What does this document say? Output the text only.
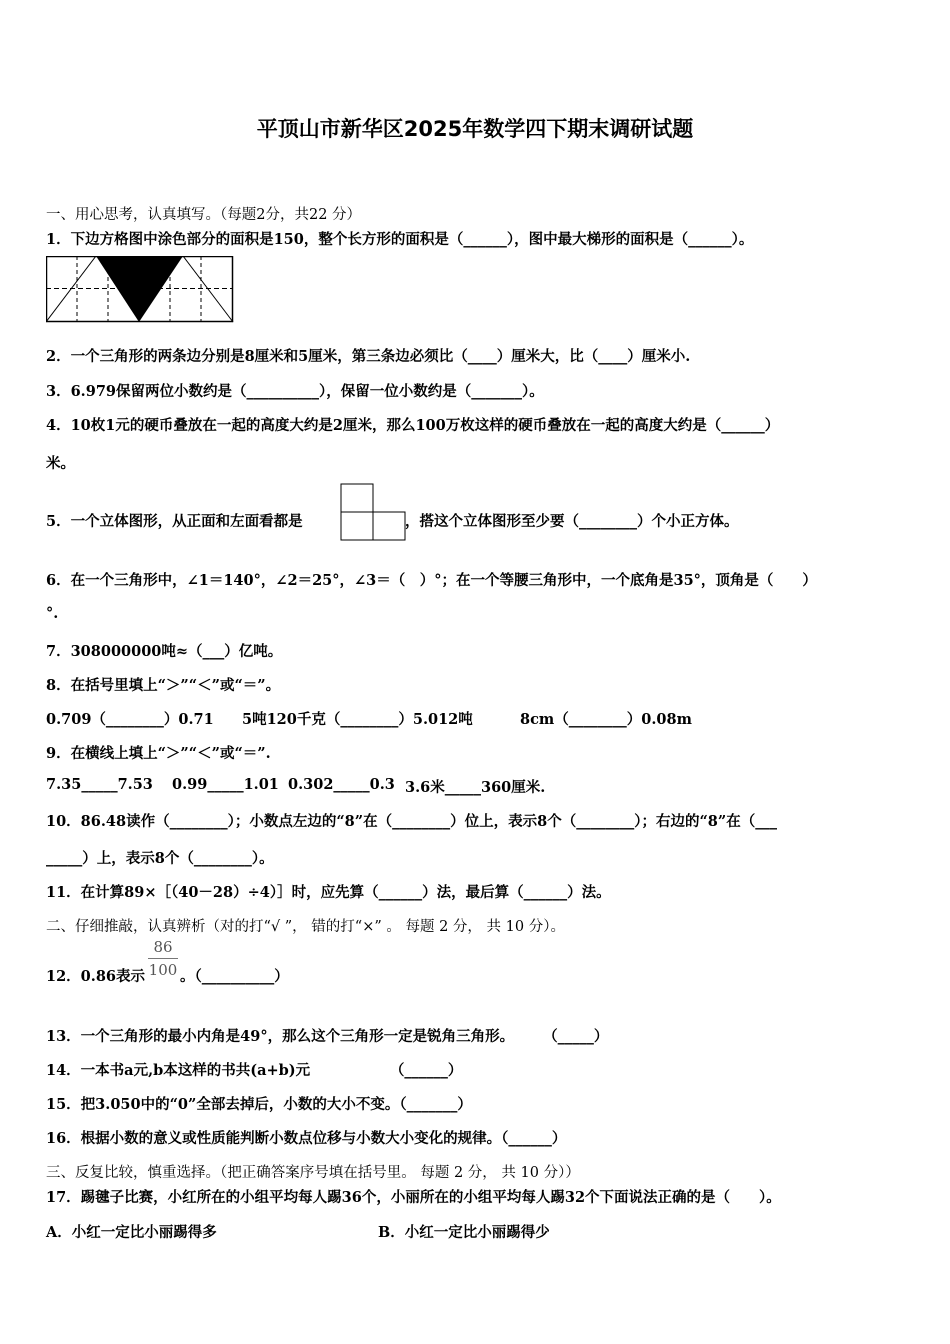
平顶山市新华区2025年数学四下期末调研试题
一、用心思考，认真填写。（每题2分，共22 分）
1．下边方格图中涂色部分的面积是150，整个长方形的面积是（______），图中最大梯形的面积是（______）。
2．一个三角形的两条边分别是8厘米和5厘米，第三条边必须比（____）厘米大，比（____）厘米小.
3．6.979保留两位小数约是（__________），保留一位小数约是（_______）。
4．10枚1元的硬币叠放在一起的高度大约是2厘米，那么100万枚这样的硬币叠放在一起的高度大约是（______）
米。
5．一个立体图形，从正面和左面看都是	，搭这个立体图形至少要（________）个小正方体。
6．在一个三角形中，∠1＝140°，∠2＝25°，∠3＝（　）°；在一个等腰三角形中，一个底角是35°，顶角是（　　）
°.
7．308000000吨≈（___）亿吨。
8．在括号里填上“＞”“＜”或“＝”。
0.709（________）0.71 5吨120千克（________）5.012吨	8cm（________）0.08m
9．在横线上填上“＞”“＜”或“＝”.
7.35_____7.53 0.99_____1.01 0.302_____0.3 3.6米_____360厘米.
10．86.48读作（________）；小数点左边的“8”在（________）位上，表示8个（________）；右边的“8”在（___
_____）上，表示8个（________）。
11．在计算89×［（40－28）÷4）］时，应先算（______）法，最后算（______）法。
二、仔细推敲，认真辨析（对的打“√ ”， 错的打“×” 。 每题 2 分， 共 10 分）。
12．0.86表示 $\frac{86}{100}$ 。（__________）
13．一个三角形的最小内角是49°，那么这个三角形一定是锐角三角形。　　　（_____）
14．一本书a元,b本这样的书共(a+b)元　　　　　　（______）
15．把3.050中的“0”全部去掉后，小数的大小不变。（_______）
16．根据小数的意义或性质能判断小数点位移与小数大小变化的规律。（______）
三、反复比较，慎重选择。（把正确答案序号填在括号里。 每题 2 分， 共 10 分））
17．踢毽子比赛，小红所在的小组平均每人踢36个，小丽所在的小组平均每人踢32个下面说法正确的是（　　）。
A．小红一定比小丽踢得多	B．小红一定比小丽踢得少
